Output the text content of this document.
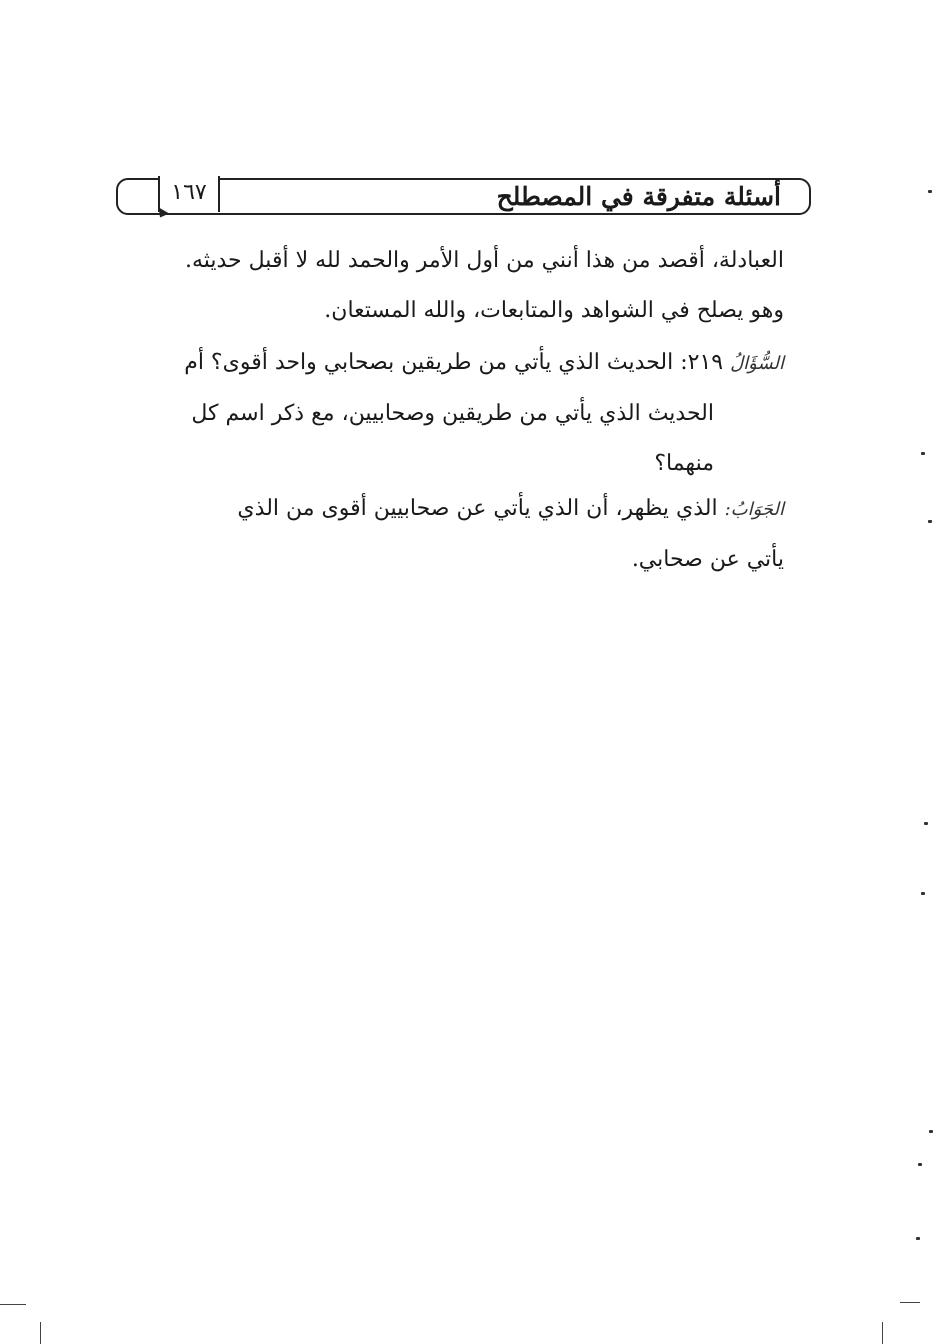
أسئلة متفرقة في المصطلح
١٦٧
العبادلة، أقصد من هذا أنني من أول الأمر والحمد لله لا أقبل حديثه.
وهو يصلح في الشواهد والمتابعات، والله المستعان.
السُّؤَالُ ٢١٩: الحديث الذي يأتي من طريقين بصحابي واحد أقوى؟ أم
الحديث الذي يأتي من طريقين وصحابيين، مع ذكر اسم كل
منهما؟
الجَوَابُ: الذي يظهر، أن الذي يأتي عن صحابيين أقوى من الذي
يأتي عن صحابي.
